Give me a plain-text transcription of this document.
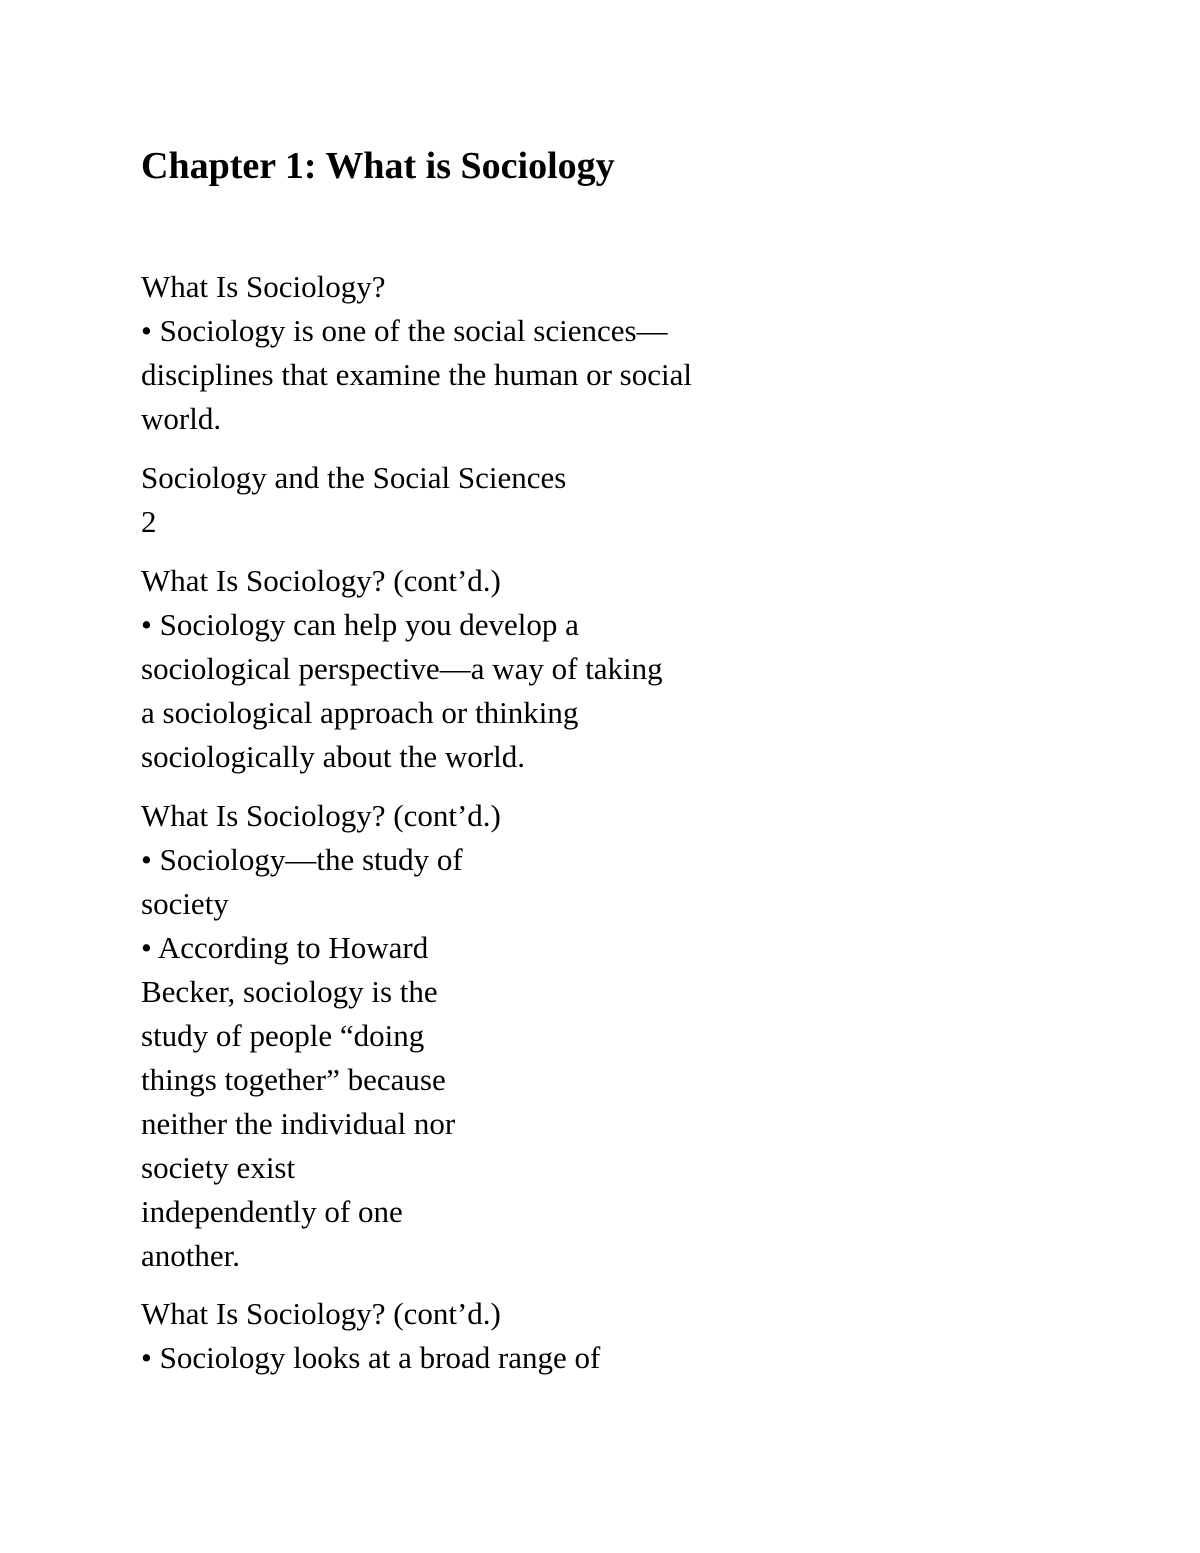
Chapter 1: What is Sociology

What Is Sociology?

• Sociology is one of the social sciences—

disciplines that examine the human or social

world.

Sociology and the Social Sciences

2

What Is Sociology? (cont’d.)

• Sociology can help you develop a

sociological perspective—a way of taking

a sociological approach or thinking

sociologically about the world.

What Is Sociology? (cont’d.)

• Sociology—the study of

society

• According to Howard

Becker, sociology is the

study of people “doing

things together” because

neither the individual nor

society exist

independently of one

another.

What Is Sociology? (cont’d.)

• Sociology looks at a broad range of
